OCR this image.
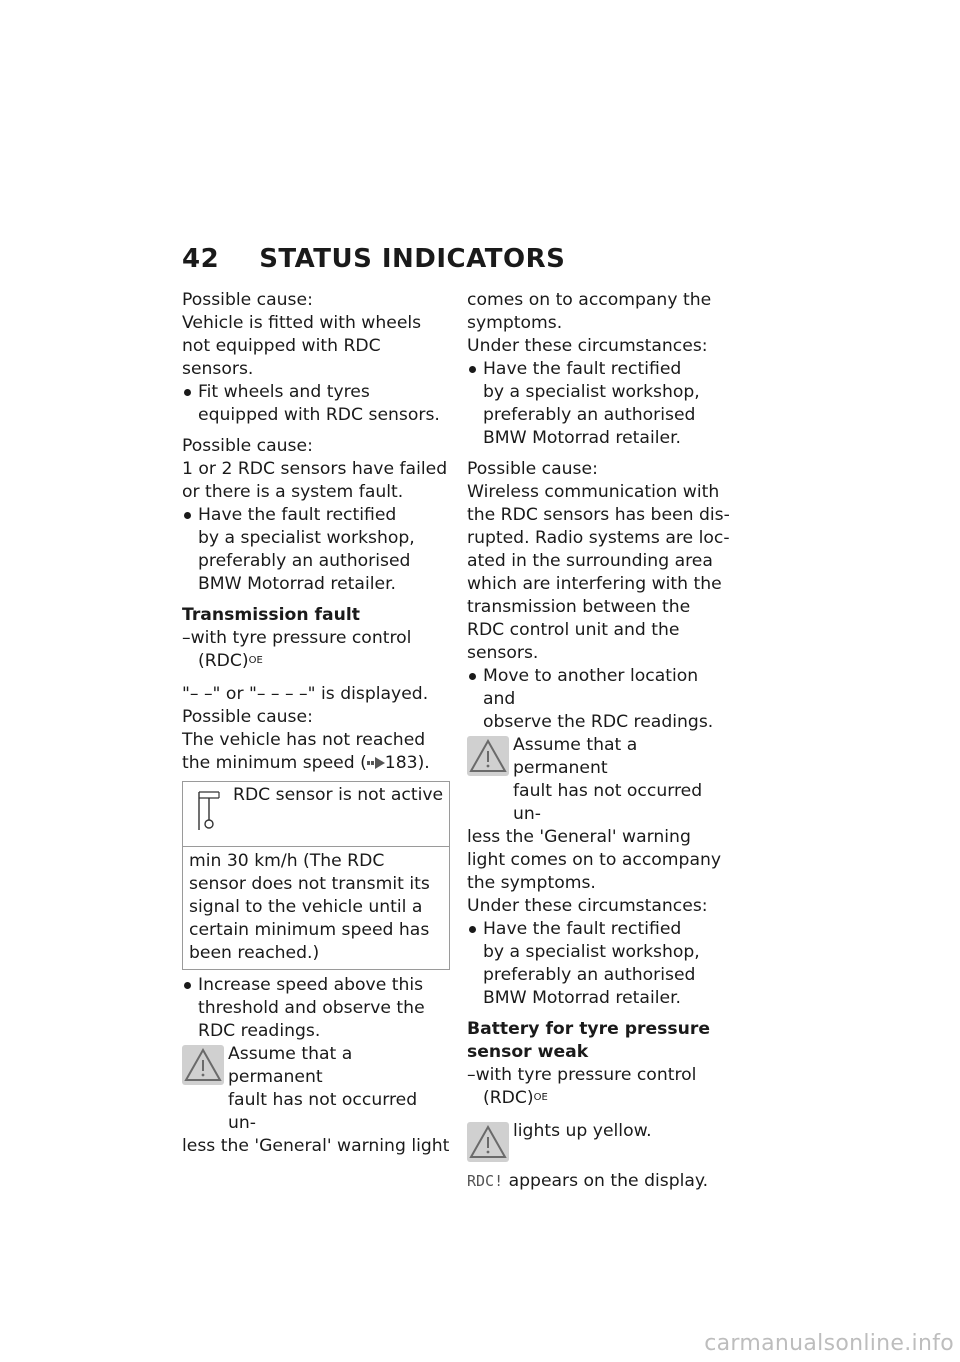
42 STATUS INDICATORS

Possible cause:

Vehicle is fitted with wheels not equipped with RDC sensors.

Fit wheels and tyres equipped with RDC sensors.

Possible cause:

1 or 2 RDC sensors have failed or there is a system fault.

Have the fault rectified
by a specialist workshop,
preferably an authorised
BMW Motorrad retailer.

Transmission fault

–with tyre pressure control (RDC)$^{OE}$

"– –" or "– – – –" is displayed.

Possible cause:

The vehicle has not reached the minimum speed ( 183).

RDC sensor is not active
min 30 km/h (The RDC sensor does not transmit its signal to the vehicle until a certain minimum speed has been reached.)
Increase speed above this
threshold and observe the
RDC readings.
Assume that a permanent
fault has not occurred un-
less the 'General' warning light

comes on to accompany the

symptoms.

Under these circumstances:

Have the fault rectified
by a specialist workshop,
preferably an authorised
BMW Motorrad retailer.

Possible cause:

Wireless communication with the RDC sensors has been dis- rupted. Radio systems are loc- ated in the surrounding area which are interfering with the transmission between the RDC control unit and the sensors.

Move to another location and
observe the RDC readings.
Assume that a permanent
fault has not occurred un-
less the 'General' warning light comes on to accompany the symptoms.

Under these circumstances:

Have the fault rectified
by a specialist workshop,
preferably an authorised
BMW Motorrad retailer.

Battery for tyre pressure

sensor weak

–with tyre pressure control (RDC)$^{OE}$

lights up yellow.

RDC! appears on the display.

carmanualsonline.info
